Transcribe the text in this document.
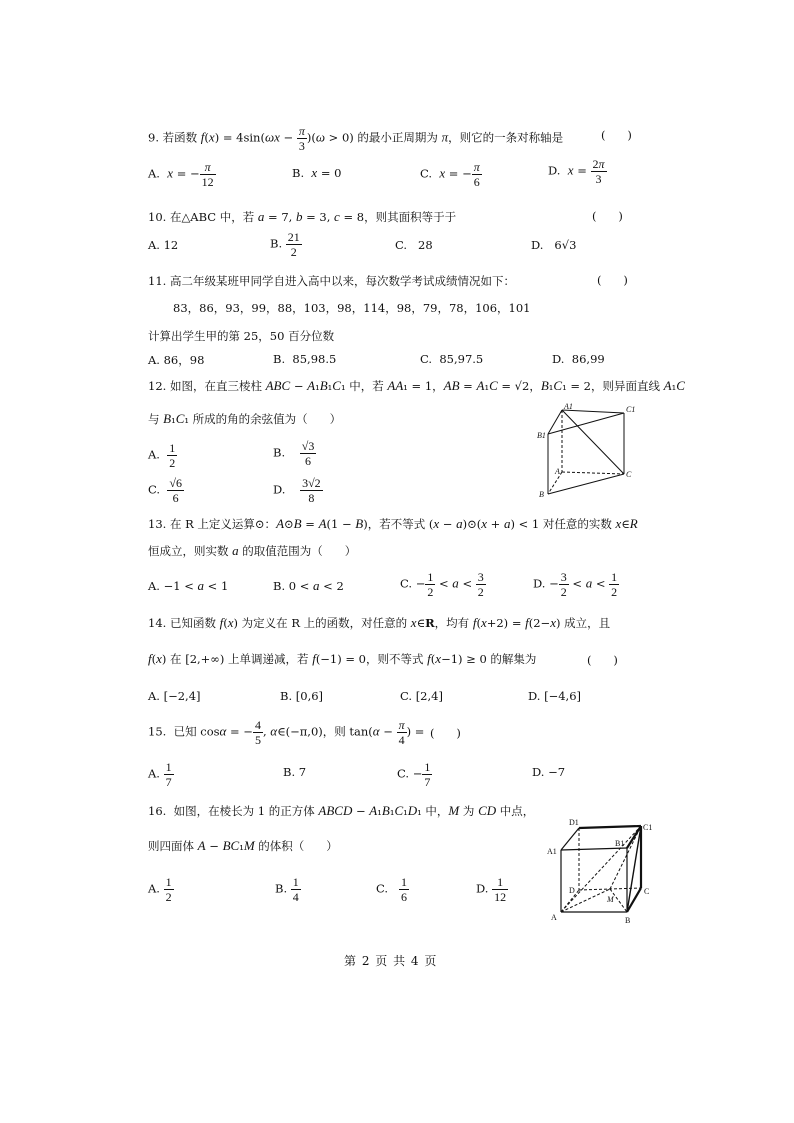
9. 若函数 $f(x) = 4\sin(\omega x - \frac{\pi}{3} )(\omega > 0)$ 的最小正周期为 π，则它的一条对称轴是	(      )
A.  x = − $\frac{\pi}{12}$	B.  x = 0	C.  x = − $\frac{\pi}{6}$	D.  $x = \frac{2\pi}{3}$
10. 在△ABC 中，若 a = 7, b = 3, c = 8，则其面积等于于	(      )
A. 12	B. $\frac{21}{2}$	C.   28	D.   6√3
11. 高二年级某班甲同学自进入高中以来，每次数学考试成绩情况如下：	(      )
83，86，93，99，88，103，98，114，98，79，78，106，101
计算出学生甲的第 25，50 百分位数
A. 86，98	B.  85,98.5	C.  85,97.5	D.  86,99
12. 如图，在直三棱柱 ABC − A₁B₁C₁ 中，若 AA₁ = 1，AB = A₁C = √2，B₁C₁ = 2，则异面直线 A₁C
与 B₁C₁ 所成的角的余弦值为（      ）
A. $\frac{1}{2}$	B. $\frac{√3}{6}$
C. $\frac{√6}{6}$	D. $\frac{3√2}{8}$
A1	C1
B1
A	C
B
13. 在 R 上定义运算⊙：A⊙B = A(1 − B)，若不等式 (x − a)⊙(x + a) < 1 对任意的实数 x∈R
恒成立，则实数 a 的取值范围为（      ）
A. −1 < a < 1	B. 0 < a < 2	C. − $\frac{1}{2} < a < \frac{3}{2}$	D. − $\frac{3}{2} < a < \frac{1}{2}$
14. 已知函数 f(x) 为定义在 R 上的函数，对任意的 x∈R，均有 f(x+2) = f(2−x) 成立，且
f(x) 在 [2,+∞) 上单调递减，若 f(−1) = 0，则不等式 f(x−1) ≥ 0 的解集为	(      )
A. [−2,4]	B. [0,6]	C. [2,4]	D. [−4,6]
15.  已知 cosα = − $\frac{4}{5}$ , α∈(−π,0)，则 $\tan(\alpha - \frac{\pi}{4}$ ) = (      )
A. $\frac{1}{7}$	B. 7	C. − $\frac{1}{7}$	D. −7
16.  如图，在棱长为 1 的正方体 ABCD − A₁B₁C₁D₁ 中，M 为 CD 中点，
则四面体 A − BC₁M 的体积（      ）
A. $\frac{1}{2}$	B. $\frac{1}{4}$	C. $\frac{1}{6}$	D. $\frac{1}{12}$
D1
C1
A1
B1
D	C
M
A	B
第 2 页 共 4 页
